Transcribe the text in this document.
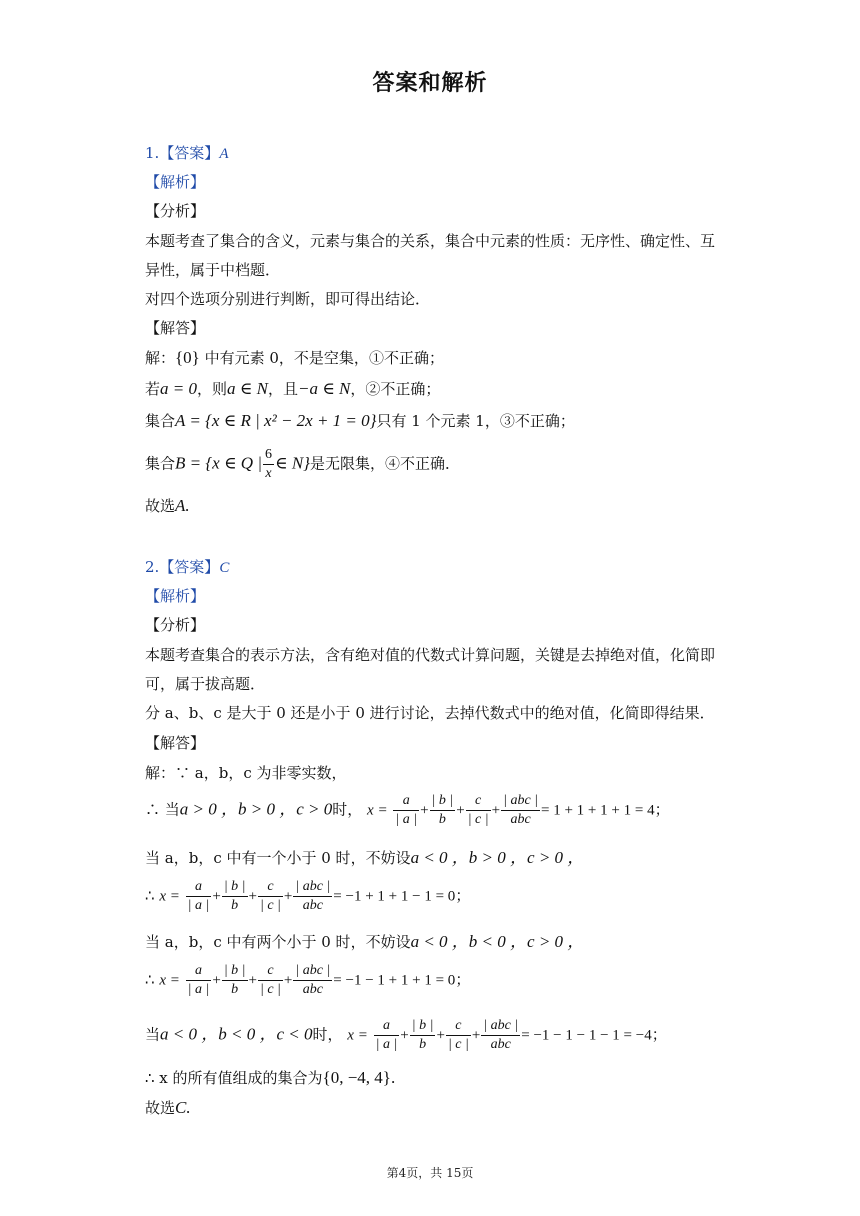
答案和解析
1.【答案】A
【解析】
【分析】
本题考查了集合的含义，元素与集合的关系，集合中元素的性质：无序性、确定性、互
异性，属于中档题．
对四个选项分别进行判断，即可得出结论．
【解答】
解：{0} 中有元素 0，不是空集，①不正确；
若a = 0，则a ∈ N，且−a ∈ N，②不正确；
集合A = {x ∈ R | x² − 2x + 1 = 0}只有 1 个元素 1，③不正确；
集合B = {x ∈ Q | $\frac{6}{x}$ ∈ N}是无限集，④不正确．
故选A.
2.【答案】C
【解析】
【分析】
本题考查集合的表示方法，含有绝对值的代数式计算问题，关键是去掉绝对值，化简即
可，属于拔高题．
分 a、b、c 是大于 0 还是小于 0 进行讨论，去掉代数式中的绝对值，化简即得结果．
【解答】
解：∵ a，b，c 为非零实数，
∴ 当a > 0 ，b > 0 ，c > 0时， $x = \frac{a}{| a |} + \frac{| b |}{b} + \frac{c}{| c |} + \frac{\text{| abc |}}{\text{abc}} = 1 + 1 + 1 + 1 = 4$；
当 a，b，c 中有一个小于 0 时，不妨设a < 0 ，b > 0 ，c > 0 ，
∴ $x = \frac{a}{| a |} + \frac{| b |}{b} + \frac{c}{| c |} + \frac{\text{| abc |}}{\text{abc}} = -1 + 1 + 1 - 1 = 0$；
当 a，b，c 中有两个小于 0 时，不妨设a < 0 ，b < 0 ，c > 0 ，
∴ $x = \frac{a}{| a |} + \frac{| b |}{b} + \frac{c}{| c |} + \frac{\text{| abc |}}{\text{abc}} = -1 - 1 + 1 + 1 = 0$；
当a < 0 ，b < 0 ，c < 0时， $x = \frac{a}{| a |} + \frac{| b |}{b} + \frac{c}{| c |} + \frac{\text{| abc |}}{\text{abc}} = -1 - 1 - 1 - 1 = -4$；
∴ x 的所有值组成的集合为{0, −4, 4}.
故选C.
第4页，共 15页
